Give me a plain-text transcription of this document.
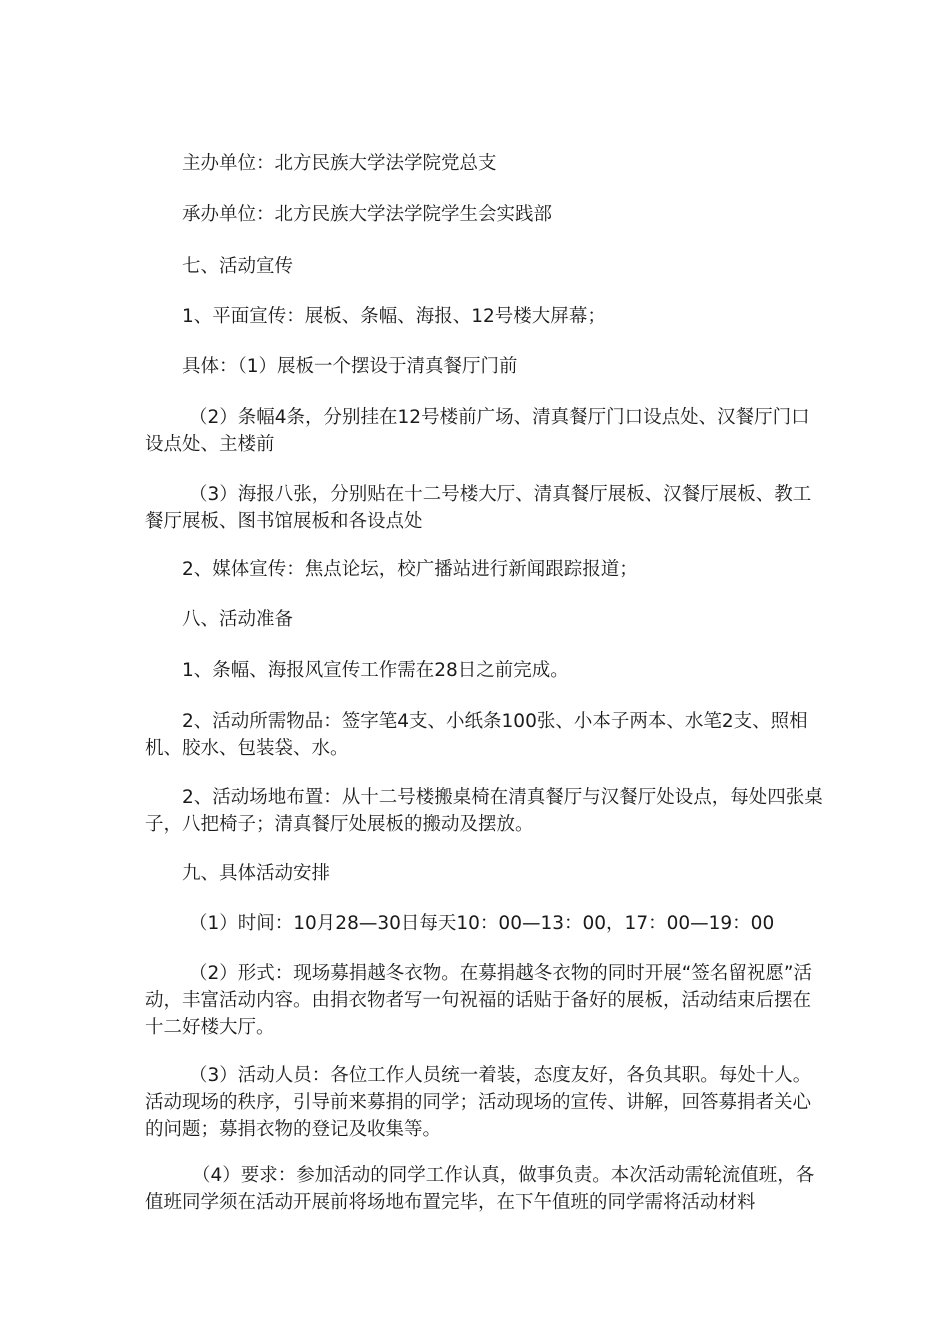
主办单位：北方民族大学法学院党总支

承办单位：北方民族大学法学院学生会实践部

七、活动宣传

1、平面宣传：展板、条幅、海报、12号楼大屏幕；

具体：（1）展板一个摆设于清真餐厅门前

（2）条幅4条，分别挂在12号楼前广场、清真餐厅门口设点处、汉餐厅门口设点处、主楼前

（3）海报八张，分别贴在十二号楼大厅、清真餐厅展板、汉餐厅展板、教工餐厅展板、图书馆展板和各设点处

2、媒体宣传：焦点论坛，校广播站进行新闻跟踪报道；

八、活动准备

1、条幅、海报风宣传工作需在28日之前完成。

2、活动所需物品：签字笔4支、小纸条100张、小本子两本、水笔2支、照相机、胶水、包装袋、水。

2、活动场地布置：从十二号楼搬桌椅在清真餐厅与汉餐厅处设点，每处四张桌子，八把椅子；清真餐厅处展板的搬动及摆放。

九、具体活动安排

（1）时间：10月28—30日每天10：00—13：00，17：00—19：00

（2）形式：现场募捐越冬衣物。在募捐越冬衣物的同时开展“签名留祝愿”活动，丰富活动内容。由捐衣物者写一句祝福的话贴于备好的展板，活动结束后摆在十二好楼大厅。

（3）活动人员：各位工作人员统一着装，态度友好，各负其职。每处十人。活动现场的秩序，引导前来募捐的同学；活动现场的宣传、讲解，回答募捐者关心的问题；募捐衣物的登记及收集等。

（4）要求：参加活动的同学工作认真，做事负责。本次活动需轮流值班，各值班同学须在活动开展前将场地布置完毕，在下午值班的同学需将活动材料
